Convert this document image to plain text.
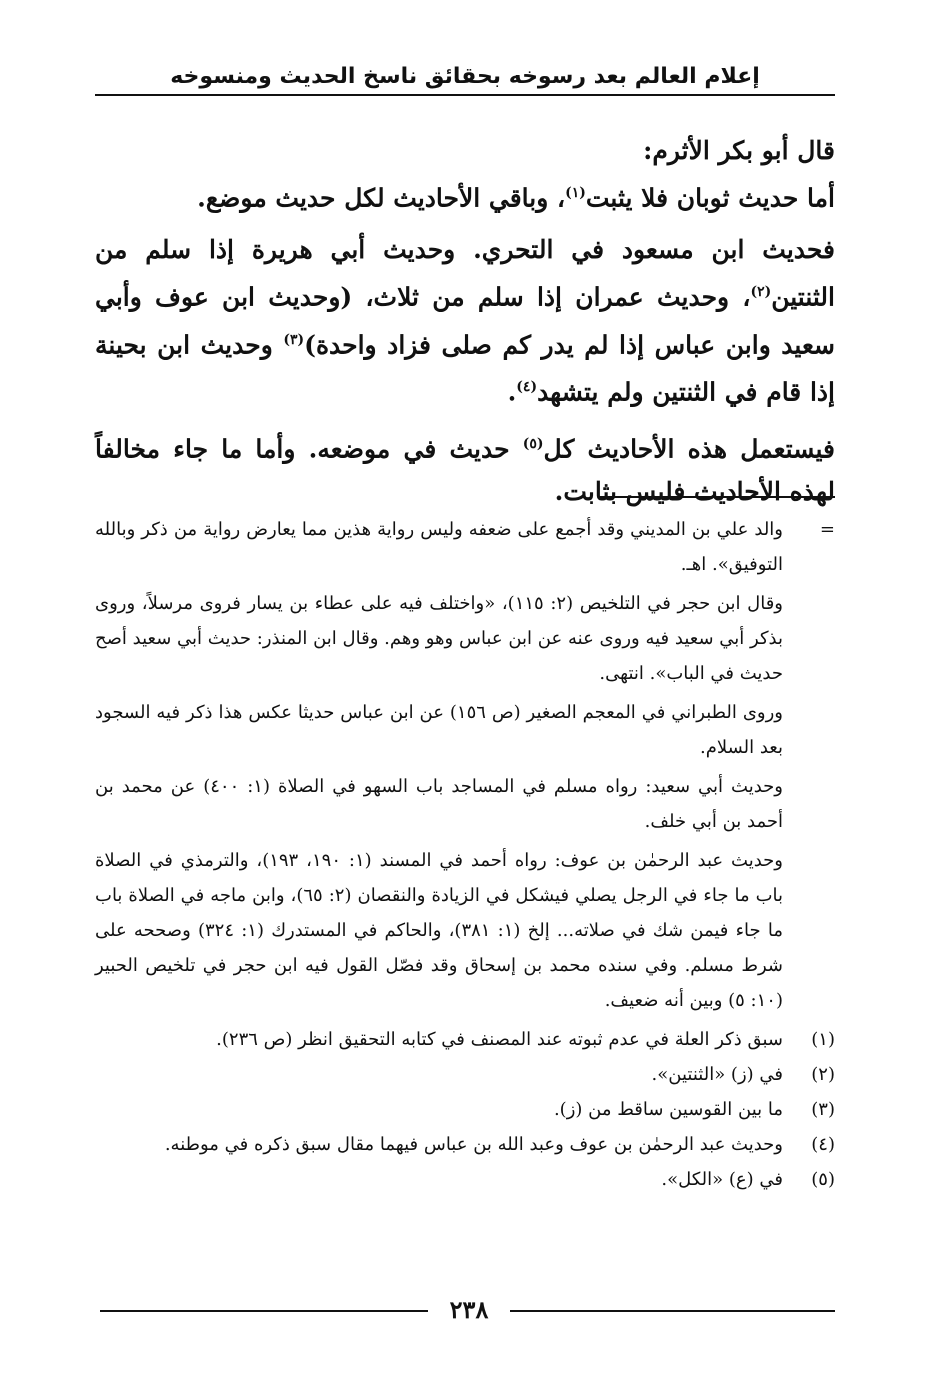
إعلام العالم بعد رسوخه بحقائق ناسخ الحديث ومنسوخه

قال أبو بكر الأثرم:

أما حديث ثوبان فلا يثبت$^{(١)}$، وباقي الأحاديث لكل حديث موضع.

فحديث ابن مسعود في التحري. وحديث أبي هريرة إذا سلم من الثنتين$^{(٢)}$، وحديث عمران إذا سلم من ثلاث، (وحديث ابن عوف وأبي سعيد وابن عباس إذا لم يدر كم صلى فزاد واحدة)$^{(٣)}$ وحديث ابن بحينة إذا قام في الثنتين ولم يتشهد$^{(٤)}$.

فيستعمل هذه الأحاديث كل$^{(٥)}$ حديث في موضعه. وأما ما جاء مخالفاً لهذه الأحاديث فليس بثابت.

=
والد علي بن المديني وقد أجمع على ضعفه وليس رواية هذين مما يعارض رواية من ذكر وبالله التوفيق». اهـ.
وقال ابن حجر في التلخيص (٢: ١١٥)، «واختلف فيه على عطاء بن يسار فروى مرسلاً، وروى بذكر أبي سعيد فيه وروى عنه عن ابن عباس وهو وهم. وقال ابن المنذر: حديث أبي سعيد أصح حديث في الباب». انتهى.
وروى الطبراني في المعجم الصغير (ص ١٥٦) عن ابن عباس حديثا عكس هذا ذكر فيه السجود بعد السلام.
وحديث أبي سعيد: رواه مسلم في المساجد باب السهو في الصلاة (١: ٤٠٠) عن محمد بن أحمد بن أبي خلف.
وحديث عبد الرحمٰن بن عوف: رواه أحمد في المسند (١: ١٩٠، ١٩٣)، والترمذي في الصلاة باب ما جاء في الرجل يصلي فيشكل في الزيادة والنقصان (٢: ٦٥)، وابن ماجه في الصلاة باب ما جاء فيمن شك في صلاته... إلخ (١: ٣٨١)، والحاكم في المستدرك (١: ٣٢٤) وصححه على شرط مسلم. وفي سنده محمد بن إسحاق وقد فصّل القول فيه ابن حجر في تلخيص الحبير (١٠: ٥) وبين أنه ضعيف.
(١)
سبق ذكر العلة في عدم ثبوته عند المصنف في كتابه التحقيق انظر (ص ٢٣٦).
(٢)
في (ز) «الثنتين».
(٣)
ما بين القوسين ساقط من (ز).
(٤)
وحديث عبد الرحمٰن بن عوف وعبد الله بن عباس فيهما مقال سبق ذكره في موطنه.
(٥)
في (ع) «الكل».
٢٣٨
